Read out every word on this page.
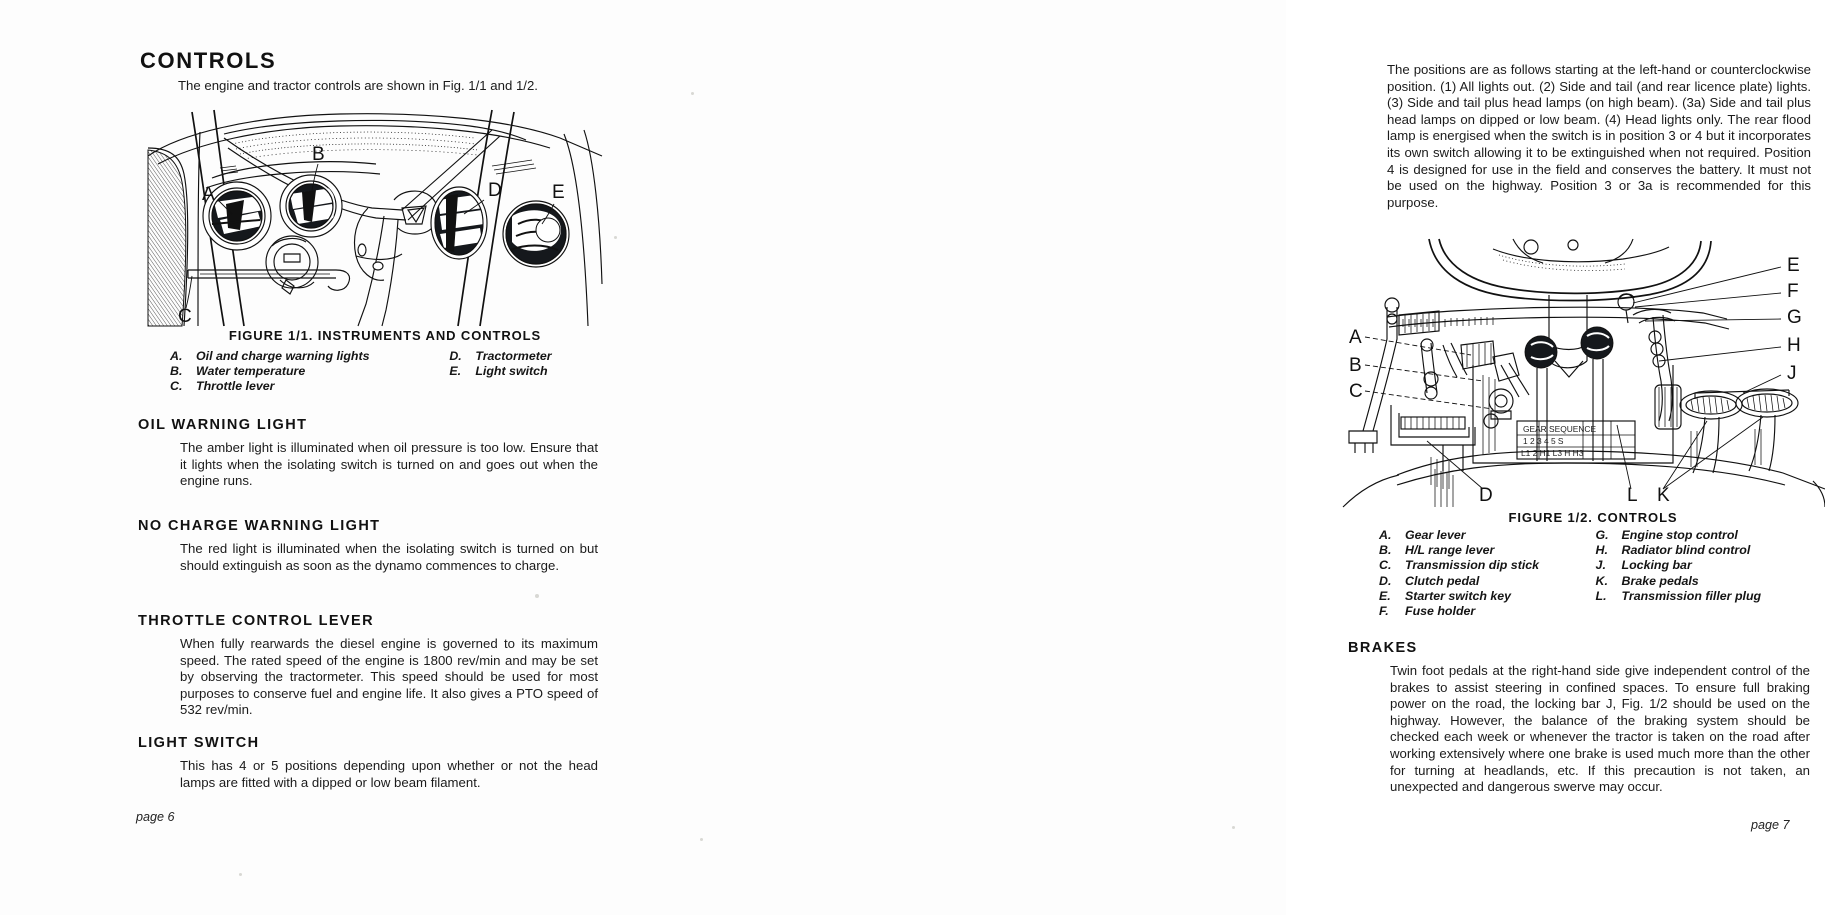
CONTROLS

The engine and tractor controls are shown in Fig. 1/1 and 1/2.

A
B
C
D	E
FIGURE 1/1. INSTRUMENTS AND CONTROLS
A.	Oil and charge warning lights	D.	Tractormeter
B.	Water temperature	E.	Light switch
C.	Throttle lever		
OIL WARNING LIGHT

The amber light is illuminated when oil pressure is too low. Ensure that it lights when the isolating switch is turned on and goes out when the engine runs.

NO CHARGE WARNING LIGHT

The red light is illuminated when the isolating switch is turned on but should extinguish as soon as the dynamo commences to charge.

THROTTLE CONTROL LEVER

When fully rearwards the diesel engine is governed to its maximum speed. The rated speed of the engine is 1800 rev/min and may be set by observing the tractormeter. This speed should be used for most purposes to conserve fuel and engine life. It also gives a PTO speed of 532 rev/min.

LIGHT SWITCH

This has 4 or 5 positions depending upon whether or not the head lamps are fitted with a dipped or low beam filament.

page 6

The positions are as follows starting at the left-hand or counterclockwise position. (1) All lights out. (2) Side and tail (and rear licence plate) lights. (3) Side and tail plus head lamps (on high beam). (3a) Side and tail plus head lamps on dipped or low beam. (4) Head lights only. The rear flood lamp is energised when the switch is in position 3 or 4 but it incorporates its own switch allowing it to be extinguished when not required. Position 4 is designed for use in the field and conserves the battery. It must not be used on the highway. Position 3 or 3a is recommended for this purpose.

GEAR SEQUENCE
1 2 3 4 5 S
L1 2 H1 L3 H H3
A
B
C
E
F
G
H
J
D	L K
FIGURE 1/2. CONTROLS
A.	Gear lever	G.	Engine stop control
B.	H/L range lever	H.	Radiator blind control
C.	Transmission dip stick	J.	Locking bar
D.	Clutch pedal	K.	Brake pedals
E.	Starter switch key	L.	Transmission filler plug
F.	Fuse holder		
BRAKES

Twin foot pedals at the right-hand side give independent control of the brakes to assist steering in confined spaces. To ensure full braking power on the road, the locking bar J, Fig. 1/2 should be used on the highway. However, the balance of the braking system should be checked each week or whenever the tractor is taken on the road after working extensively where one brake is used much more than the other for turning at headlands, etc. If this precaution is not taken, an unexpected and dangerous swerve may occur.

page 7
